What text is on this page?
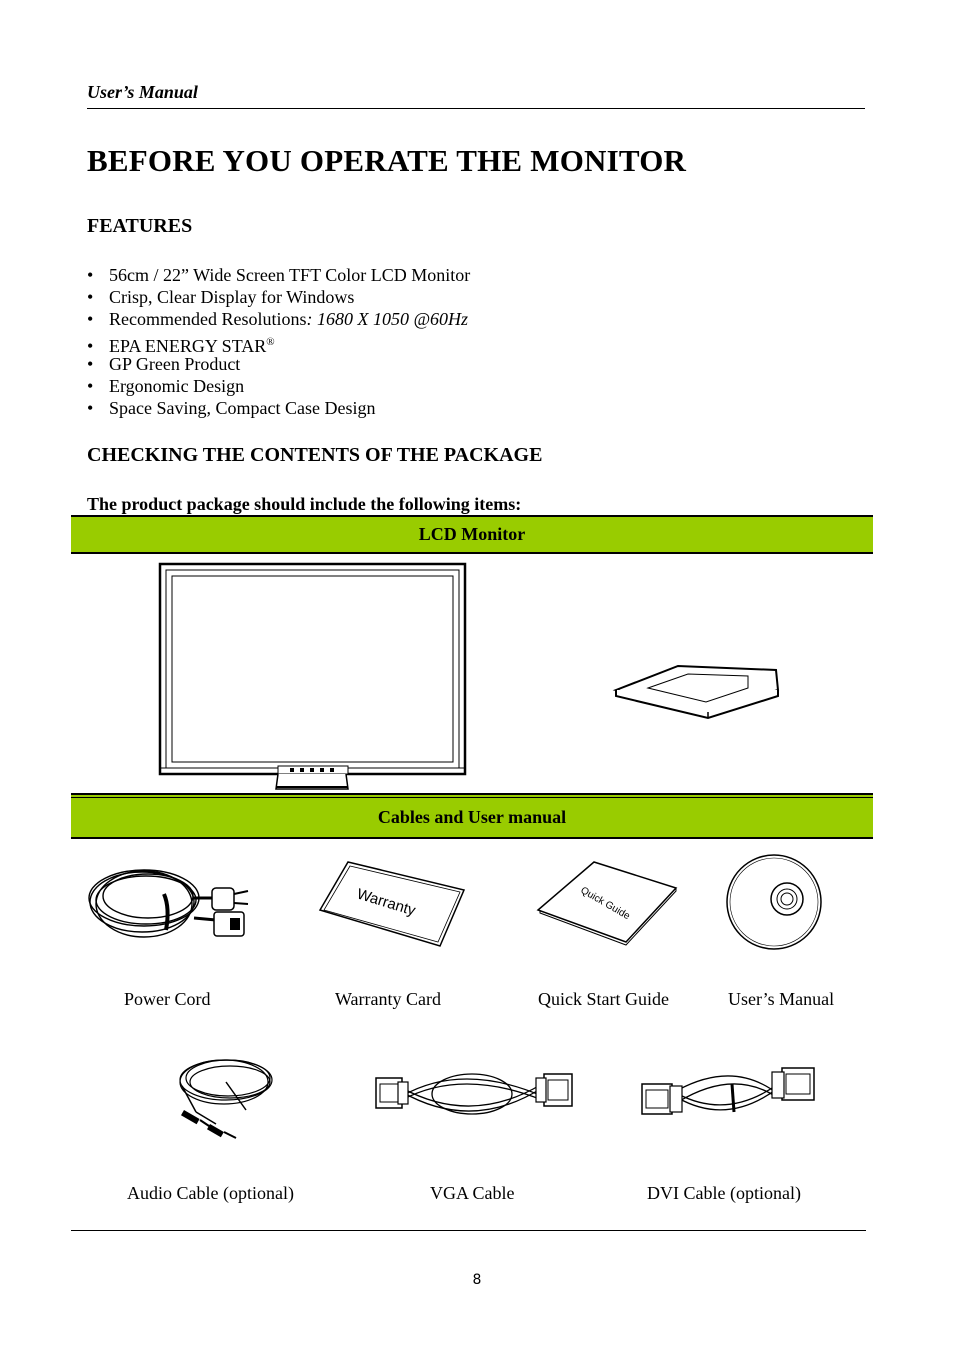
User’s Manual
BEFORE YOU OPERATE THE MONITOR
FEATURES
• 56cm / 22” Wide Screen TFT Color LCD Monitor
• Crisp, Clear Display for Windows
• Recommended Resolutions: 1680 X 1050 @60Hz
• EPA ENERGY STAR®
• GP Green Product
• Ergonomic Design
• Space Saving, Compact Case Design
CHECKING THE CONTENTS OF THE PACKAGE
The product package should include the following items:
LCD Monitor
Cables and User manual
Warranty	Quick Guide
Power Cord	Warranty Card	Quick Start Guide	User’s Manual
Audio Cable (optional)	VGA Cable	DVI Cable (optional)
8
